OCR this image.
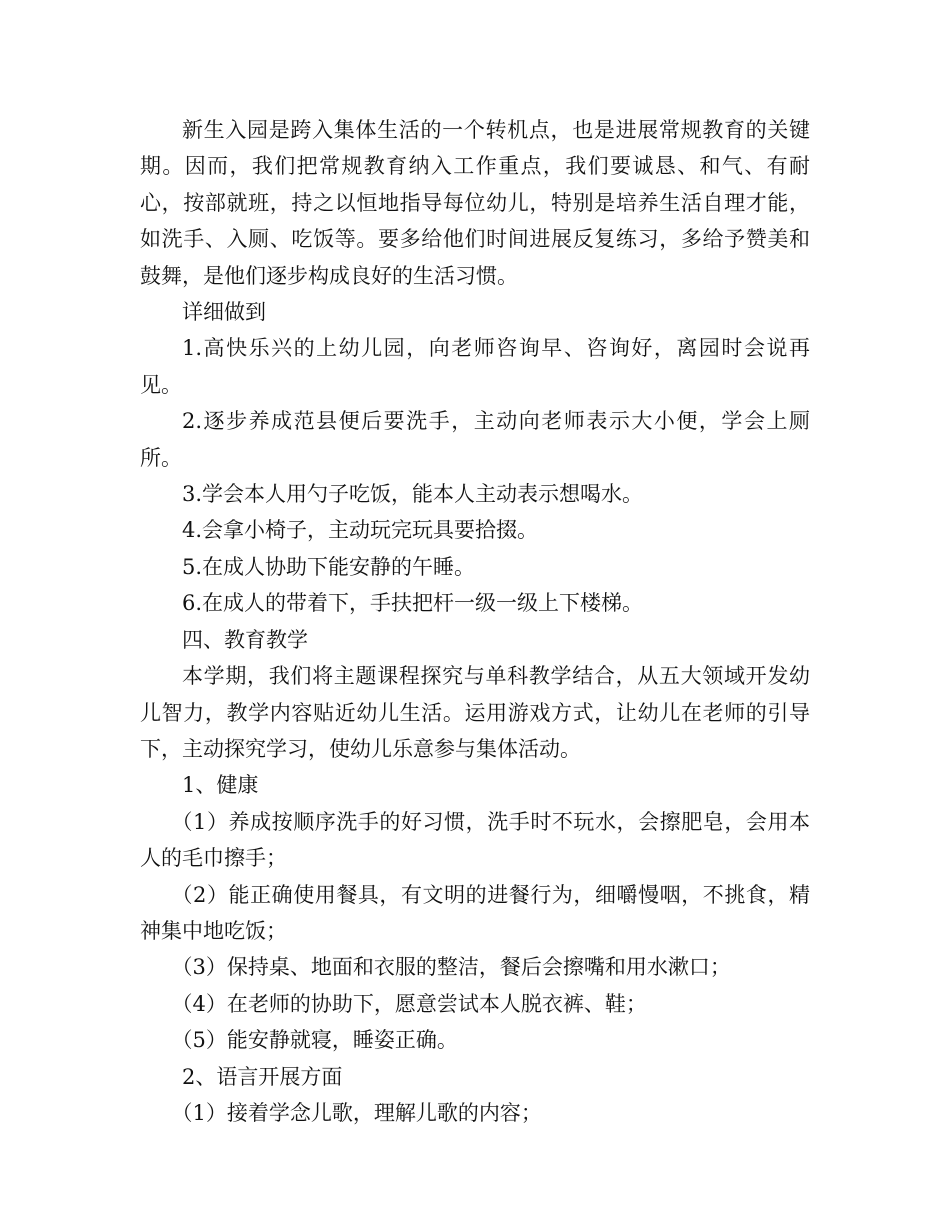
新生入园是跨入集体生活的一个转机点，也是进展常规教育的关键期。因而，我们把常规教育纳入工作重点，我们要诚恳、和气、有耐心，按部就班，持之以恒地指导每位幼儿，特别是培养生活自理才能，如洗手、入厕、吃饭等。要多给他们时间进展反复练习，多给予赞美和鼓舞，是他们逐步构成良好的生活习惯。

详细做到

1.高快乐兴的上幼儿园，向老师咨询早、咨询好，离园时会说再见。

2.逐步养成范县便后要洗手，主动向老师表示大小便，学会上厕所。

3.学会本人用勺子吃饭，能本人主动表示想喝水。

4.会拿小椅子，主动玩完玩具要拾掇。

5.在成人协助下能安静的午睡。

6.在成人的带着下，手扶把杆一级一级上下楼梯。

四、教育教学

本学期，我们将主题课程探究与单科教学结合，从五大领域开发幼儿智力，教学内容贴近幼儿生活。运用游戏方式，让幼儿在老师的引导下，主动探究学习，使幼儿乐意参与集体活动。

1、健康

（1）养成按顺序洗手的好习惯，洗手时不玩水，会擦肥皂，会用本人的毛巾擦手；

（2）能正确使用餐具，有文明的进餐行为，细嚼慢咽，不挑食，精神集中地吃饭；

（3）保持桌、地面和衣服的整洁，餐后会擦嘴和用水漱口；

（4）在老师的协助下，愿意尝试本人脱衣裤、鞋；

（5）能安静就寝，睡姿正确。

2、语言开展方面

（1）接着学念儿歌，理解儿歌的内容；
